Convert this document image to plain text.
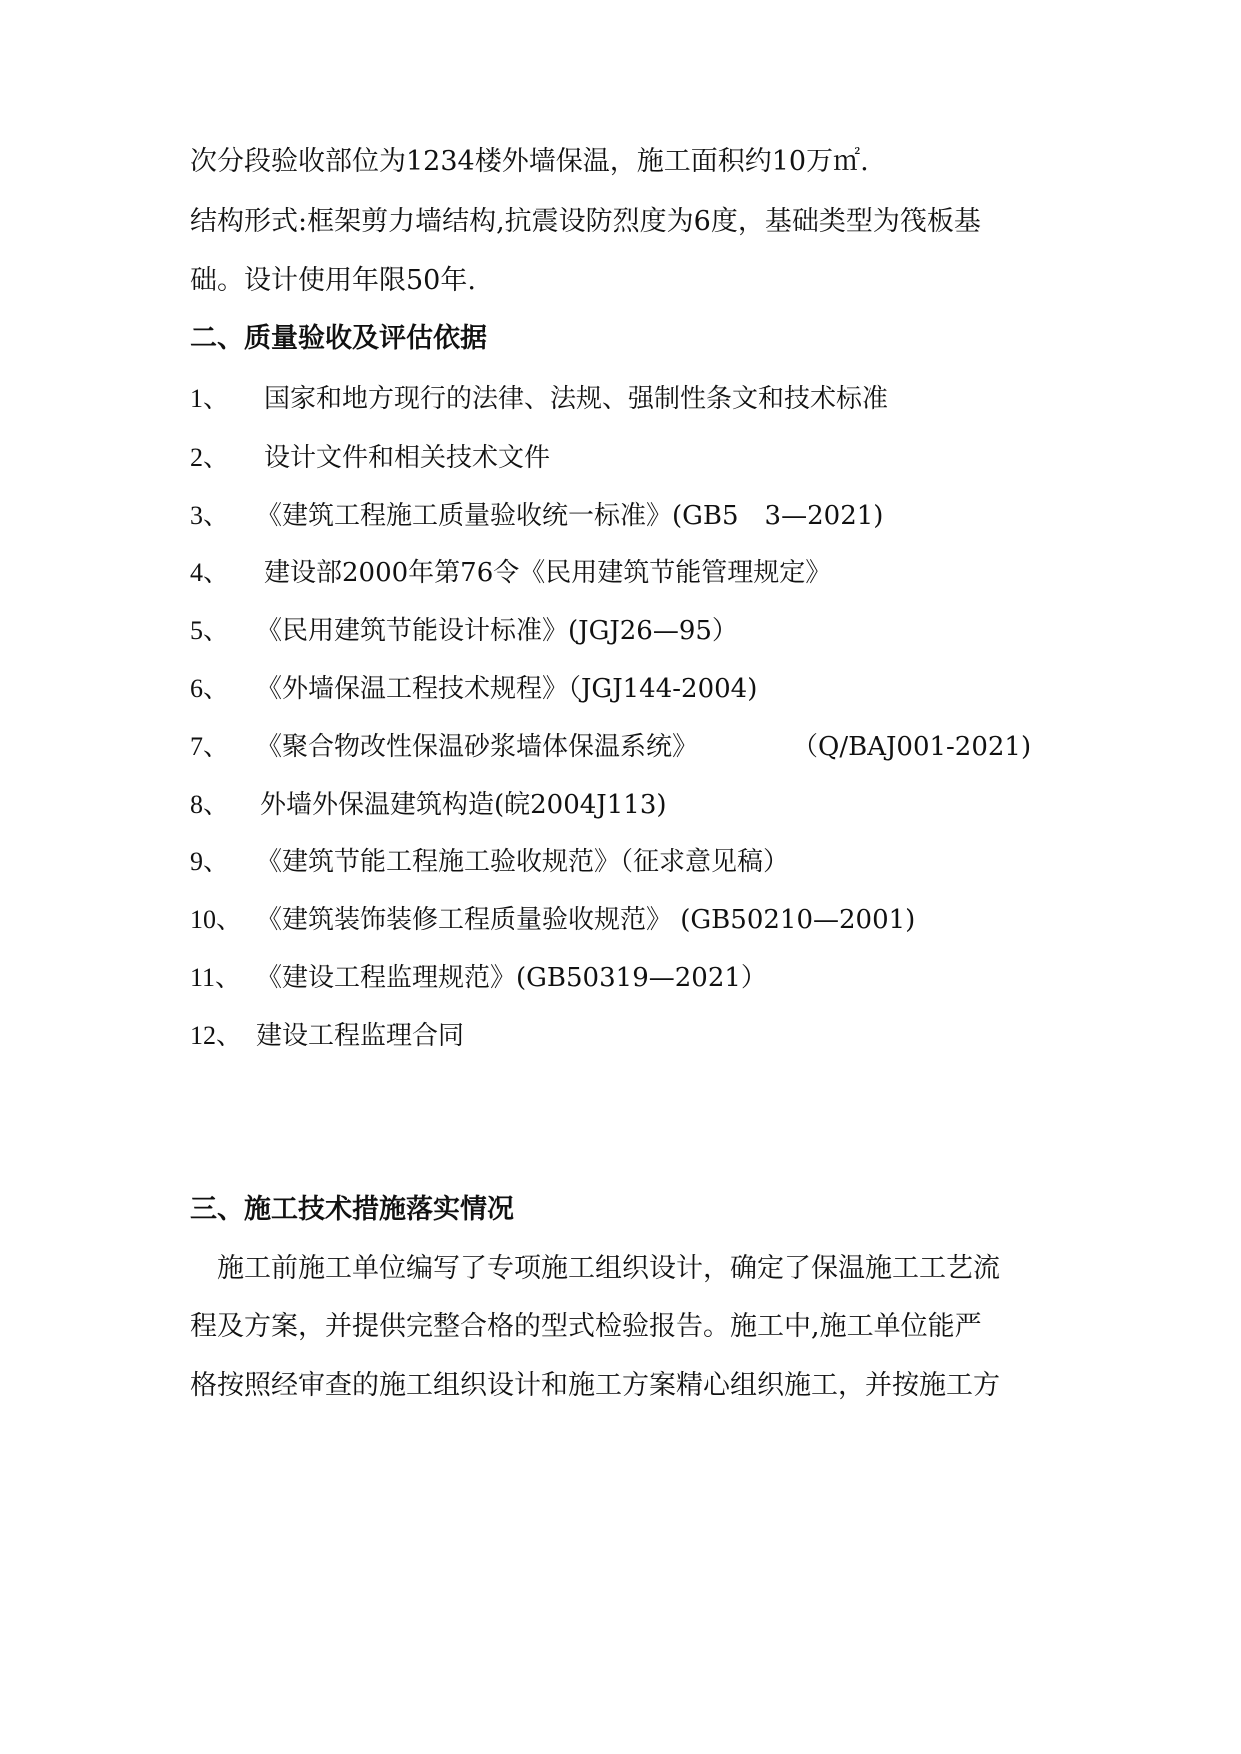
次分段验收部位为1234楼外墙保温，施工面积约10万㎡.
结构形式:框架剪力墙结构,抗震设防烈度为6度，基础类型为筏板基
础。设计使用年限50年.
二、质量验收及评估依据
1、 国家和地方现行的法律、法规、强制性条文和技术标准
2、 设计文件和相关技术文件
3、 《建筑工程施工质量验收统一标准》(GB5　3—2021)
4、 建设部2000年第76令《民用建筑节能管理规定》
5、 《民用建筑节能设计标准》(JGJ26—95）
6、 《外墙保温工程技术规程》（JGJ144-2004)
7、 《聚合物改性保温砂浆墙体保温系统》	（Q/BAJ001-2021)
8、 外墙外保温建筑构造(皖2004J113)
9、 《建筑节能工程施工验收规范》（征求意见稿）
10、 《建筑装饰装修工程质量验收规范》 (GB50210—2001)
11、 《建设工程监理规范》(GB50319—2021）
12、 建设工程监理合同
三、施工技术措施落实情况
　施工前施工单位编写了专项施工组织设计，确定了保温施工工艺流
程及方案，并提供完整合格的型式检验报告。施工中,施工单位能严
格按照经审查的施工组织设计和施工方案精心组织施工，并按施工方
